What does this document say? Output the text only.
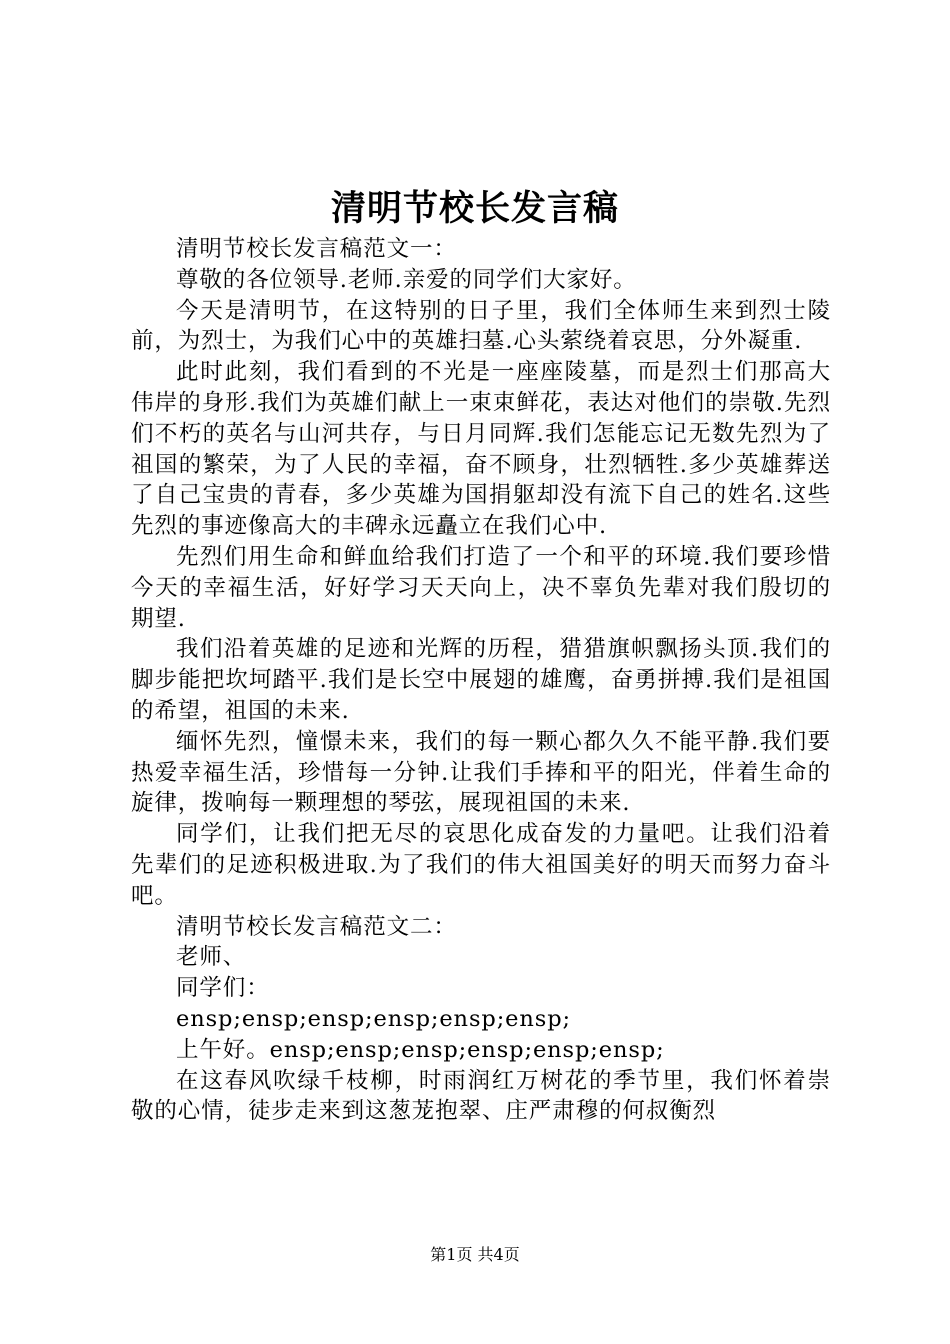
清明节校长发言稿

清明节校长发言稿范文一：

尊敬的各位领导.老师.亲爱的同学们大家好。

今天是清明节，在这特别的日子里，我们全体师生来到烈士陵前，为烈士，为我们心中的英雄扫墓.心头萦绕着哀思，分外凝重.

此时此刻，我们看到的不光是一座座陵墓，而是烈士们那高大伟岸的身形.我们为英雄们献上一束束鲜花，表达对他们的崇敬.先烈们不朽的英名与山河共存，与日月同辉.我们怎能忘记无数先烈为了祖国的繁荣，为了人民的幸福，奋不顾身，壮烈牺牲.多少英雄葬送了自己宝贵的青春，多少英雄为国捐躯却没有流下自己的姓名.这些先烈的事迹像高大的丰碑永远矗立在我们心中.

先烈们用生命和鲜血给我们打造了一个和平的环境.我们要珍惜今天的幸福生活，好好学习天天向上，决不辜负先辈对我们殷切的期望.

我们沿着英雄的足迹和光辉的历程，猎猎旗帜飘扬头顶.我们的脚步能把坎坷踏平.我们是长空中展翅的雄鹰，奋勇拼搏.我们是祖国的希望，祖国的未来.

缅怀先烈，憧憬未来，我们的每一颗心都久久不能平静.我们要热爱幸福生活，珍惜每一分钟.让我们手捧和平的阳光，伴着生命的旋律，拨响每一颗理想的琴弦，展现祖国的未来.

同学们，让我们把无尽的哀思化成奋发的力量吧。让我们沿着先辈们的足迹积极进取.为了我们的伟大祖国美好的明天而努力奋斗吧。

清明节校长发言稿范文二：

老师、

同学们：

ensp;ensp;ensp;ensp;ensp;ensp;

上午好。ensp;ensp;ensp;ensp;ensp;ensp;

在这春风吹绿千枝柳，时雨润红万树花的季节里，我们怀着崇敬的心情，徒步走来到这葱茏抱翠、庄严肃穆的何叔衡烈

第1页 共4页
